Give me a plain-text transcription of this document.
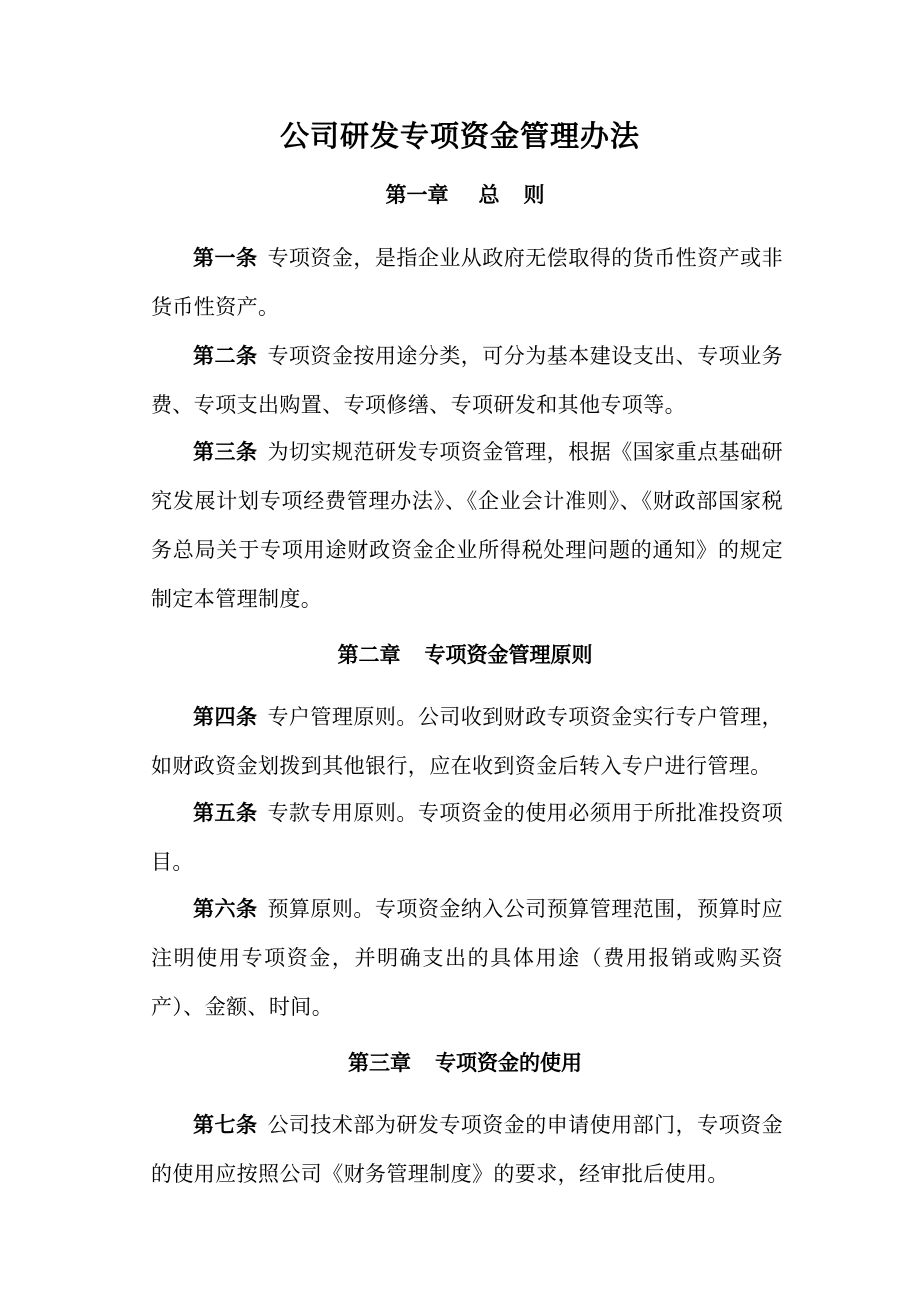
公司研发专项资金管理办法
第一章 总 则

第一条 专项资金，是指企业从政府无偿取得的货币性资产或非货币性资产。

第二条 专项资金按用途分类，可分为基本建设支出、专项业务费、专项支出购置、专项修缮、专项研发和其他专项等。

第三条 为切实规范研发专项资金管理，根据《国家重点基础研究发展计划专项经费管理办法》、《企业会计准则》、《财政部国家税务总局关于专项用途财政资金企业所得税处理问题的通知》的规定制定本管理制度。

第二章 专项资金管理原则

第四条 专户管理原则。公司收到财政专项资金实行专户管理，如财政资金划拨到其他银行，应在收到资金后转入专户进行管理。

第五条 专款专用原则。专项资金的使用必须用于所批准投资项目。

第六条 预算原则。专项资金纳入公司预算管理范围，预算时应注明使用专项资金，并明确支出的具体用途（费用报销或购买资产）、金额、时间。

第三章 专项资金的使用

第七条 公司技术部为研发专项资金的申请使用部门，专项资金的使用应按照公司《财务管理制度》的要求，经审批后使用。
